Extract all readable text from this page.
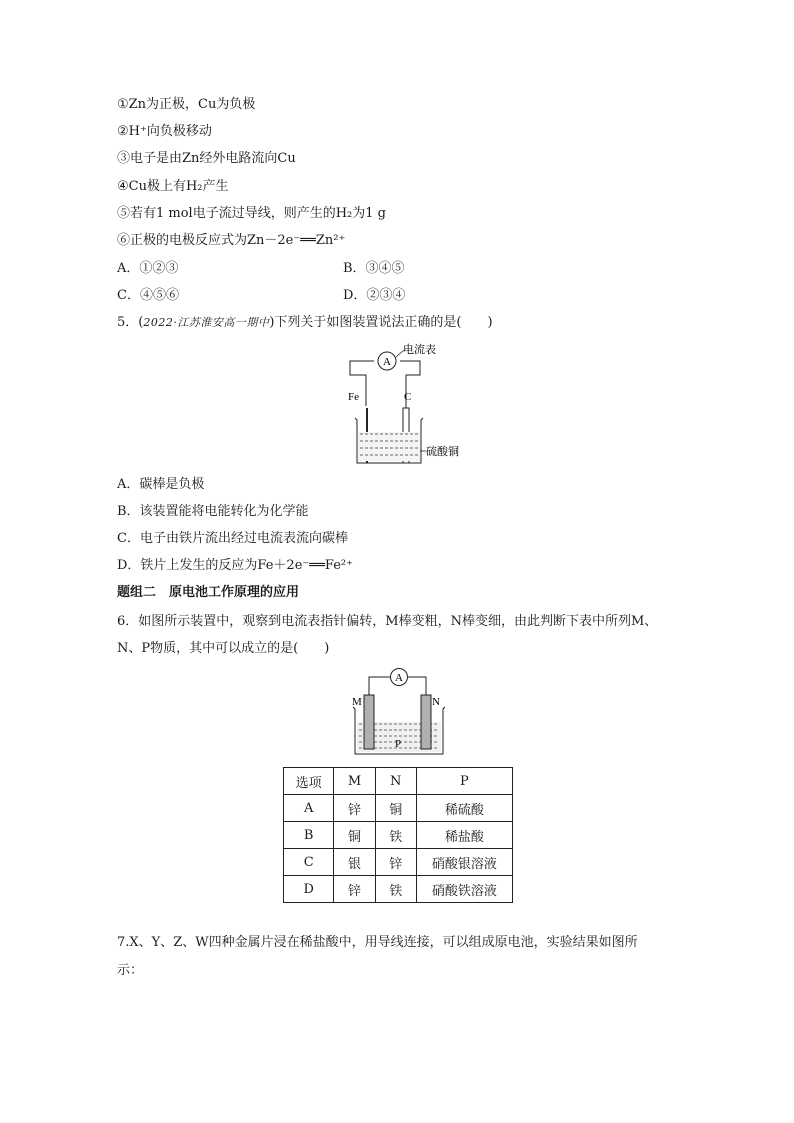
①Zn为正极，Cu为负极
②H⁺向负极移动
③电子是由Zn经外电路流向Cu
④Cu极上有H₂产生
⑤若有1 mol电子流过导线，则产生的H₂为1 g
⑥正极的电极反应式为Zn－2e⁻══Zn²⁺
A．①②③	B．③④⑤
C．④⑤⑥	D．②③④
5．(2022·江苏淮安高一期中)下列关于如图装置说法正确的是(　　)
A
电流表
Fe	C
硫酸铜
A．碳棒是负极
B．该装置能将电能转化为化学能
C．电子由铁片流出经过电流表流向碳棒
D．铁片上发生的反应为Fe＋2e⁻══Fe²⁺
题组二　原电池工作原理的应用
6．如图所示装置中，观察到电流表指针偏转，M棒变粗，N棒变细，由此判断下表中所列M、
N、P物质，其中可以成立的是(　　)
A
M	N
P
选项	M	N	P
A	锌	铜	稀硫酸
B	铜	铁	稀盐酸
C	银	锌	硝酸银溶液
D	锌	铁	硝酸铁溶液
7.X、Y、Z、W四种金属片浸在稀盐酸中，用导线连接，可以组成原电池，实验结果如图所
示：
